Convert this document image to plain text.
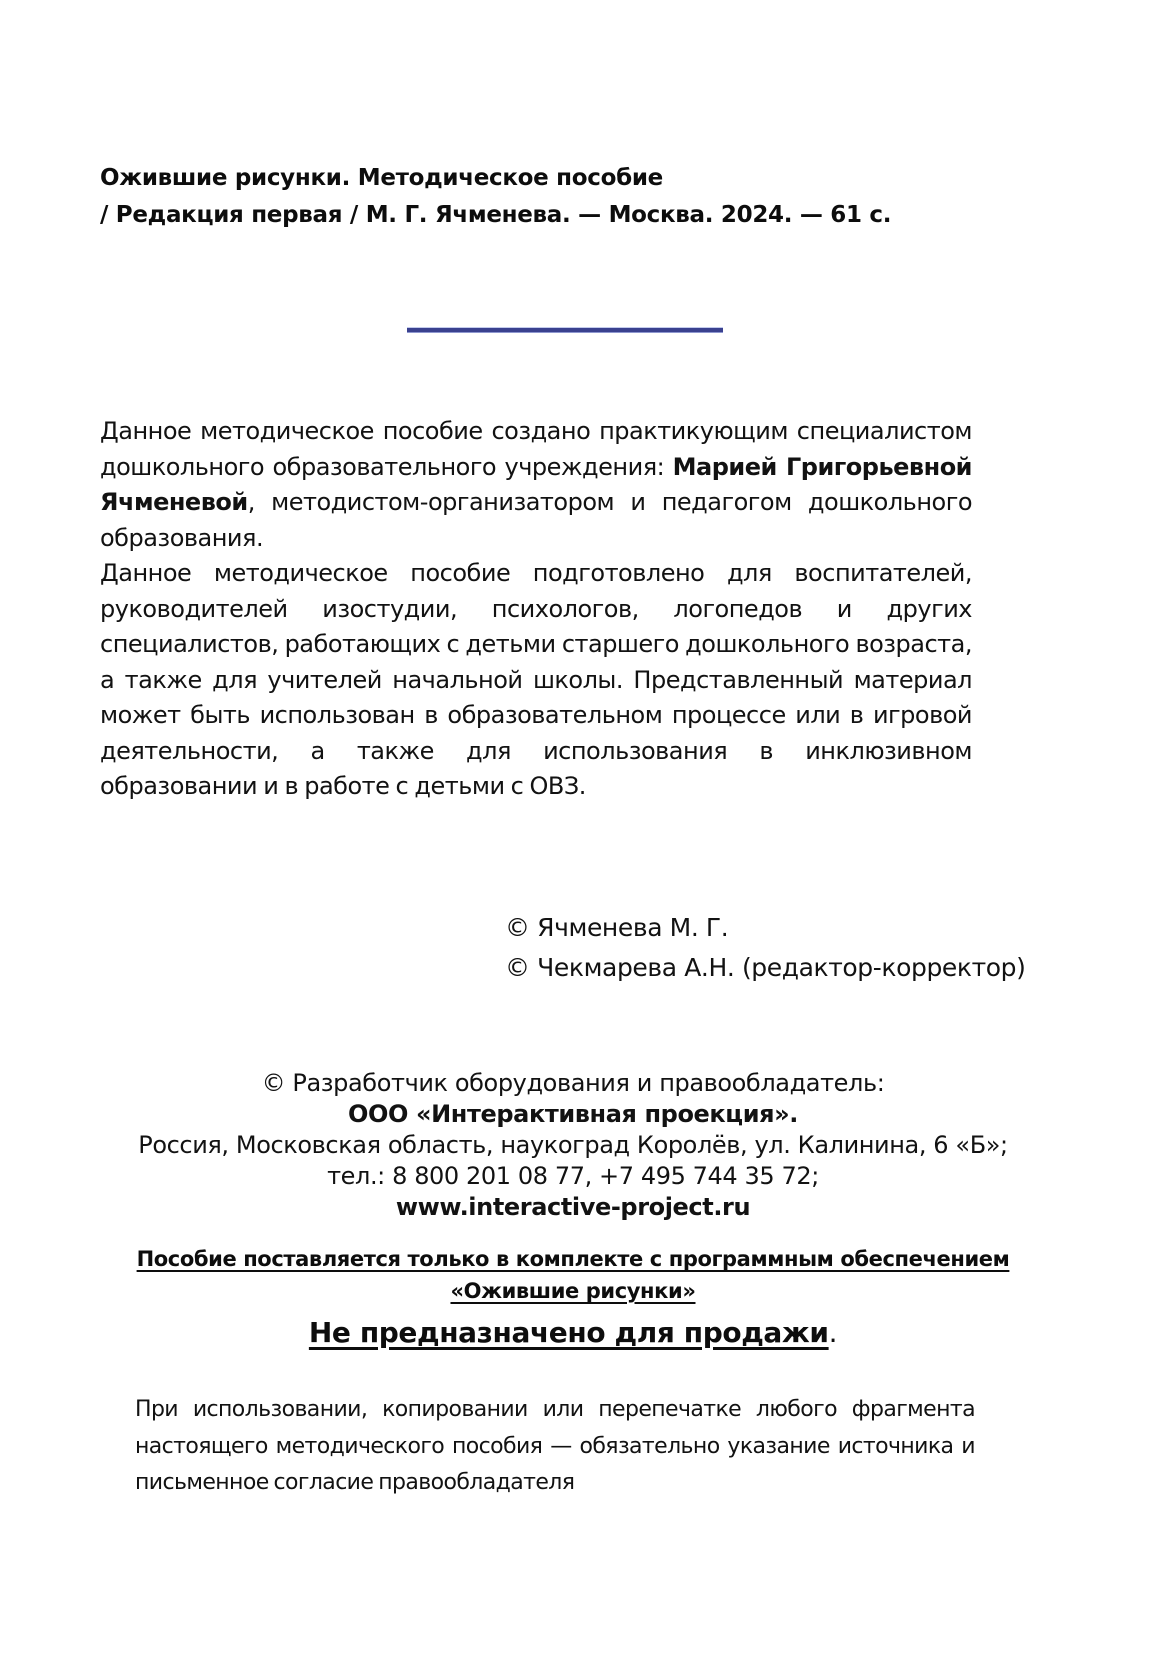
Ожившие рисунки. Методическое пособие
/ Редакция первая / М. Г. Ячменева. — Москва. 2024. — 61 с.

Данное методическое пособие создано практикующим специалистом дошкольного образовательного учреждения: Марией Григорьевной Ячменевой, методистом-организатором и педагогом дошкольного образования.

Данное методическое пособие подготовлено для воспитателей, руководителей изостудии, психологов, логопедов и других специалистов, работающих с детьми старшего дошкольного возраста, а также для учителей начальной школы. Представленный материал может быть использован в образовательном процессе или в игровой деятельности, а также для использования в инклюзивном образовании и в работе с детьми с ОВЗ.

© Ячменева М. Г.
© Чекмарева А.Н. (редактор-корректор)
© Разработчик оборудования и правообладатель:
ООО «Интерактивная проекция».
Россия, Московская область, наукоград Королёв, ул. Калинина, 6 «Б»;
тел.: 8 800 201 08 77, +7 495 744 35 72;
www.interactive-project.ru
Пособие поставляется только в комплекте с программным обеспечением
«Ожившие рисунки»
Не предназначено для продажи.
При использовании, копировании или перепечатке любого фрагмента настоящего методического пособия — обязательно указание источника и письменное согласие правообладателя
